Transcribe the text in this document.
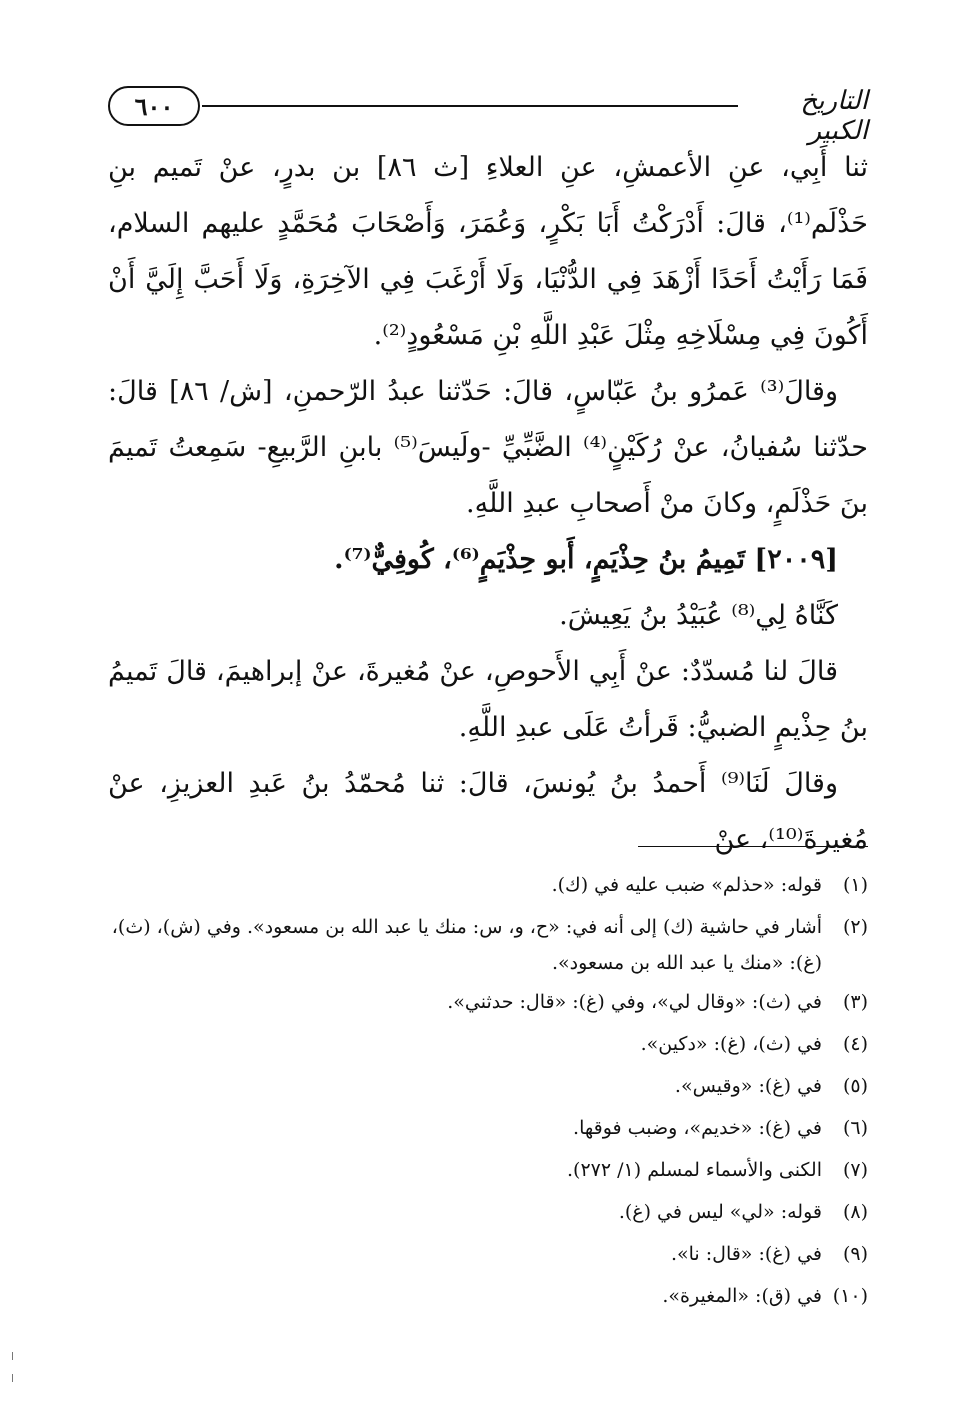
٦٠٠	التاريخ الكبير

ثنا أَبِي، عنِ الأعمشِ، عنِ العلاءِ [ث ٨٦] بن بدرٍ، عنْ تَميم بنِ حَذْلَم⁽¹⁾، قالَ: أَدْرَكْتُ أَبَا بَكْرٍ، وَعُمَرَ، وَأَصْحَابَ مُحَمَّدٍ عليهم السلام، فَمَا رَأَيْتُ أَحَدًا أَزْهَدَ فِي الدُّنْيَا، وَلَا أَرْغَبَ فِي الآخِرَةِ، وَلَا أَحَبَّ إِلَيَّ أَنْ أَكُونَ فِي مِسْلَاخِهِ مِثْلَ عَبْدِ اللَّهِ بْنِ مَسْعُودٍ⁽²⁾.

وقالَ⁽³⁾ عَمرُو بنُ عَبّاسٍ، قالَ: حَدّثنا عبدُ الرّحمنِ، [ش/ ٨٦] قالَ: حدّثنا سُفيانُ، عنْ رُكَيْنٍ⁽⁴⁾ الضَّبِّيِّ -ولَيسَ⁽⁵⁾ بابنِ الرَّبيعِ- سَمِعتُ تَميمَ بنَ حَذْلَمٍ، وكانَ منْ أَصحابِ عبدِ اللَّهِ.

[٢٠٠٩] تَمِيمُ بنُ حِذْيَمٍ، أَبو حِذْيَمٍ⁽⁶⁾، كُوفِيٌّ⁽⁷⁾.

كَنَّاهُ لِي⁽⁸⁾ عُبَيْدُ بنُ يَعِيشَ.

قالَ لنا مُسدّدٌ: عنْ أَبِي الأَحوصِ، عنْ مُغيرةَ، عنْ إبراهيمَ، قالَ تَميمُ بنُ حِذْيمٍ الضبيُّ: قَرأتُ عَلَى عبدِ اللَّهِ.

وقالَ لَنَا⁽⁹⁾ أَحمدُ بنُ يُونسَ، قالَ: ثنا مُحمّدُ بنُ عَبدِ العزيزِ، عنْ مُغيرةَ⁽¹⁰⁾، عنْ

(١)
قوله: «حذلم» ضبب عليه في (ك).
(٢)
أشار في حاشية (ك) إلى أنه في: «ح، و، س: منك يا عبد الله بن مسعود». وفي (ش)، (ث)، (غ): «منك يا عبد الله بن مسعود».
(٣)
في (ث): «وقال لي»، وفي (غ): «قال: حدثني».
(٤)
في (ث)، (غ): «دكين».
(٥)
في (غ): «وقيس».
(٦)
في (غ): «خديم»، وضبب فوقها.
(٧)
الكنى والأسماء لمسلم (١/ ٢٧٢).
(٨)
قوله: «لي» ليس في (غ).
(٩)
في (غ): «قال: نا».
(١٠)
في (ق): «المغيرة».
